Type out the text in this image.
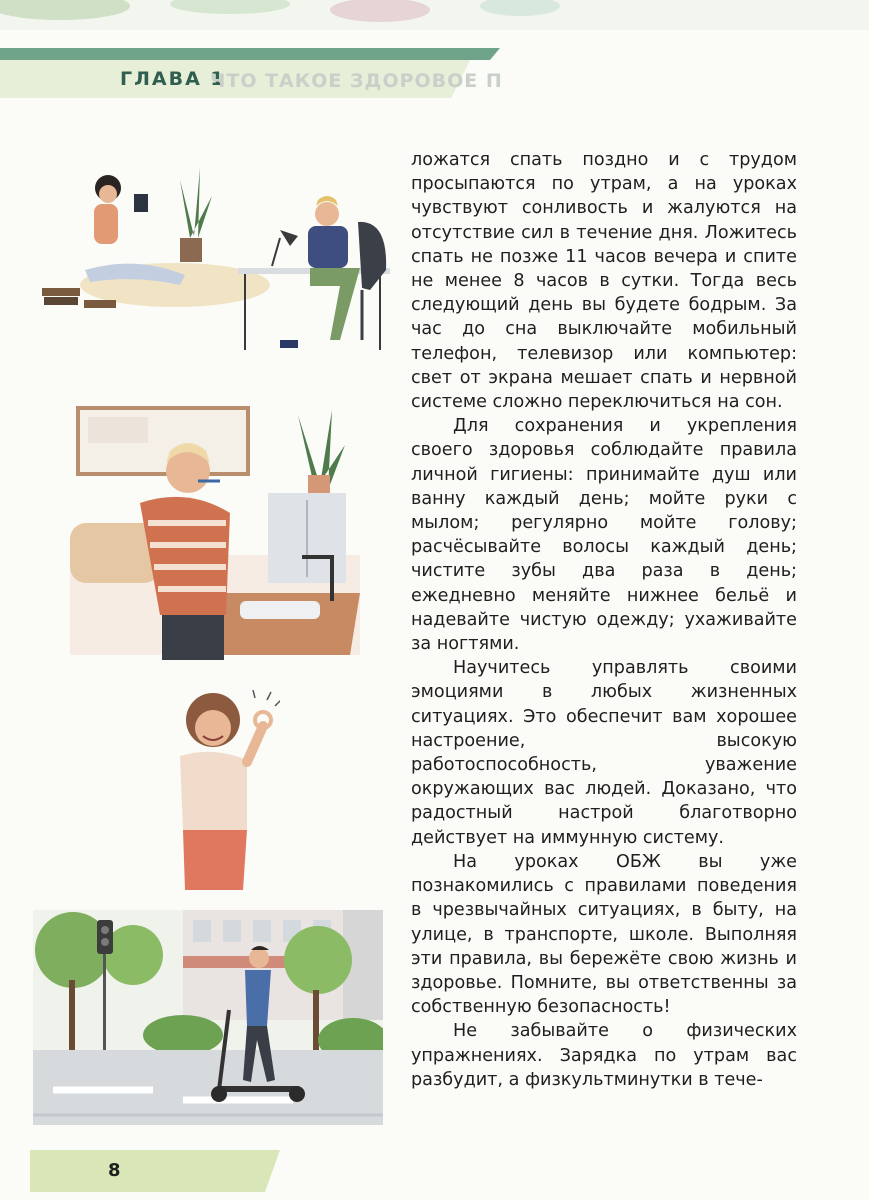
ГЛАВА 1
ЧТО ТАКОЕ ЗДОРОВОЕ П

ложатся спать поздно и с трудом просыпаются по утрам, а на уроках чувствуют сонливость и жалуются на отсутствие сил в течение дня. Ложитесь спать не позже 11 часов вечера и спите не менее 8 часов в сутки. Тогда весь следующий день вы будете бодрым. За час до сна выключайте мобильный телефон, телевизор или компьютер: свет от экрана мешает спать и нервной системе сложно переключиться на сон.

Для сохранения и укрепления своего здоровья соблюдайте правила личной гигиены: принимайте душ или ванну каждый день; мойте руки с мылом; регулярно мойте голову; расчёсывайте волосы каждый день; чистите зубы два раза в день; ежедневно меняйте нижнее бельё и надевайте чистую одежду; ухаживайте за ногтями.

Научитесь управлять своими эмоциями в любых жизненных ситуациях. Это обеспечит вам хорошее настроение, высокую работоспособность, уважение окружающих вас людей. Доказано, что радостный настрой благотворно действует на иммунную систему.

На уроках ОБЖ вы уже познакомились с правилами поведения в чрезвычайных ситуациях, в быту, на улице, в транспорте, школе. Выполняя эти правила, вы бережёте свою жизнь и здоровье. Помните, вы ответственны за собственную безопасность!

Не забывайте о физических упражнениях. Зарядка по утрам вас разбудит, а физкультминутки в тече-

8
